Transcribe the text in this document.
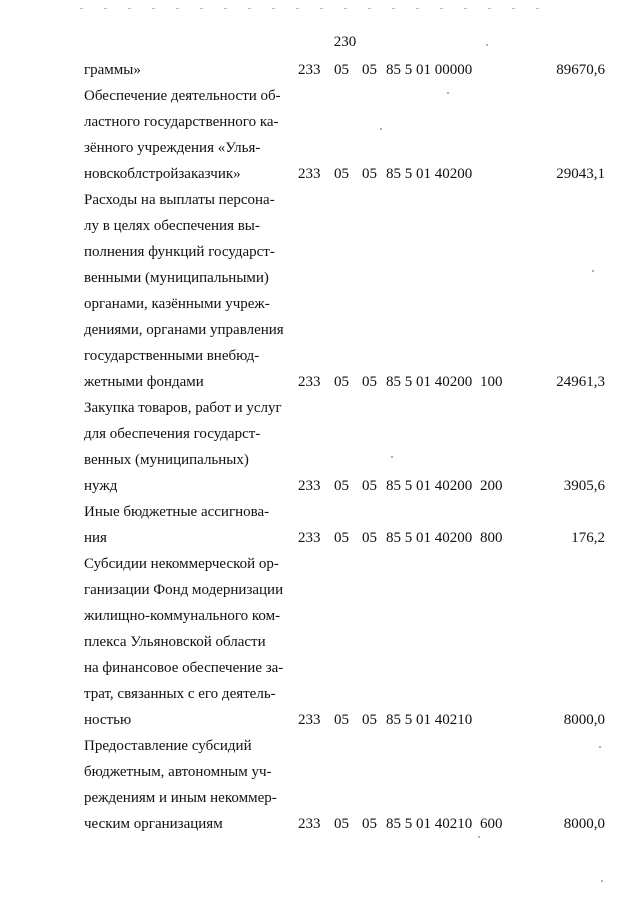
230
граммы»	233 05 05 85 5 01 00000	89670,6
Обеспечение деятельности об-
ластного государственного ка-
зённого учреждения «Улья-
новскоблстройзаказчик»	233 05 05 85 5 01 40200	29043,1
Расходы на выплаты персона-
лу в целях обеспечения вы-
полнения функций государст-
венными (муниципальными)
органами, казёнными учреж-
дениями, органами управления
государственными внебюд-
жетными фондами	233 05 05 85 5 01 40200 100	24961,3
Закупка товаров, работ и услуг
для обеспечения государст-
венных (муниципальных)
нужд	233 05 05 85 5 01 40200 200	3905,6
Иные бюджетные ассигнова-
ния	233 05 05 85 5 01 40200 800	176,2
Субсидии некоммерческой ор-
ганизации Фонд модернизации
жилищно-коммунального ком-
плекса Ульяновской области
на финансовое обеспечение за-
трат, связанных с его деятель-
ностью	233 05 05 85 5 01 40210	8000,0
Предоставление субсидий
бюджетным, автономным уч-
реждениям и иным некоммер-
ческим организациям	233 05 05 85 5 01 40210 600	8000,0
